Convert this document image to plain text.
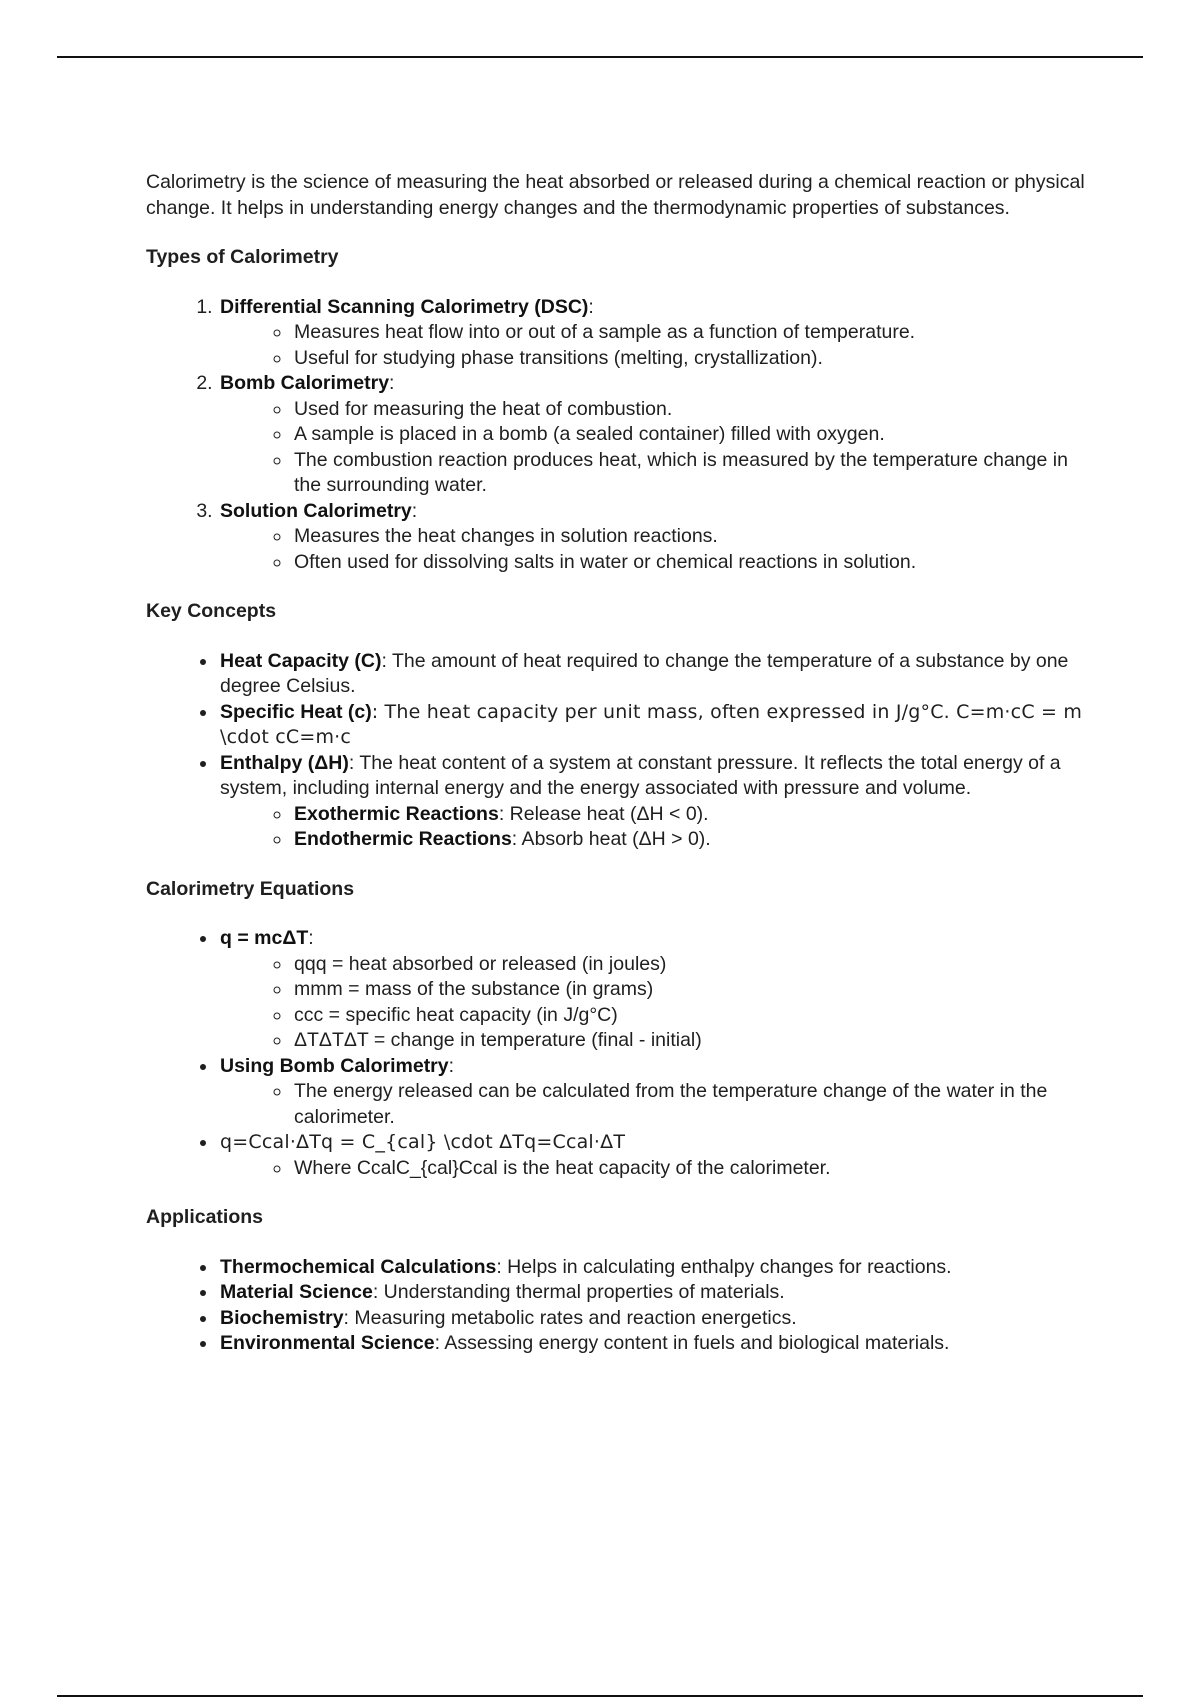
Calorimetry is the science of measuring the heat absorbed or released during a chemical reaction or physical change. It helps in understanding energy changes and the thermodynamic properties of substances.

Types of Calorimetry
1. Differential Scanning Calorimetry (DSC):
◦ Measures heat flow into or out of a sample as a function of temperature.
◦ Useful for studying phase transitions (melting, crystallization).
2. Bomb Calorimetry:
◦ Used for measuring the heat of combustion.
◦ A sample is placed in a bomb (a sealed container) filled with oxygen.
◦ The combustion reaction produces heat, which is measured by the temperature change in the surrounding water.
3. Solution Calorimetry:
◦ Measures the heat changes in solution reactions.
◦ Often used for dissolving salts in water or chemical reactions in solution.
Key Concepts
• Heat Capacity (C): The amount of heat required to change the temperature of a substance by one degree Celsius.
• Specific Heat (c): The heat capacity per unit mass, often expressed in J/g°C. C=m·cC = m \cdot cC=m·c
• Enthalpy (ΔH): The heat content of a system at constant pressure. It reflects the total energy of a system, including internal energy and the energy associated with pressure and volume.
◦ Exothermic Reactions: Release heat (ΔH < 0).
◦ Endothermic Reactions: Absorb heat (ΔH > 0).
Calorimetry Equations
• q = mcΔT:
◦ qqq = heat absorbed or released (in joules)
◦ mmm = mass of the substance (in grams)
◦ ccc = specific heat capacity (in J/g°C)
◦ ΔTΔTΔT = change in temperature (final - initial)
• Using Bomb Calorimetry:
◦ The energy released can be calculated from the temperature change of the water in the calorimeter.
• q=Ccal·ΔTq = C_{cal} \cdot ΔTq=Ccal·ΔT
◦ Where CcalC_{cal}Ccal is the heat capacity of the calorimeter.
Applications
• Thermochemical Calculations: Helps in calculating enthalpy changes for reactions.
• Material Science: Understanding thermal properties of materials.
• Biochemistry: Measuring metabolic rates and reaction energetics.
• Environmental Science: Assessing energy content in fuels and biological materials.
